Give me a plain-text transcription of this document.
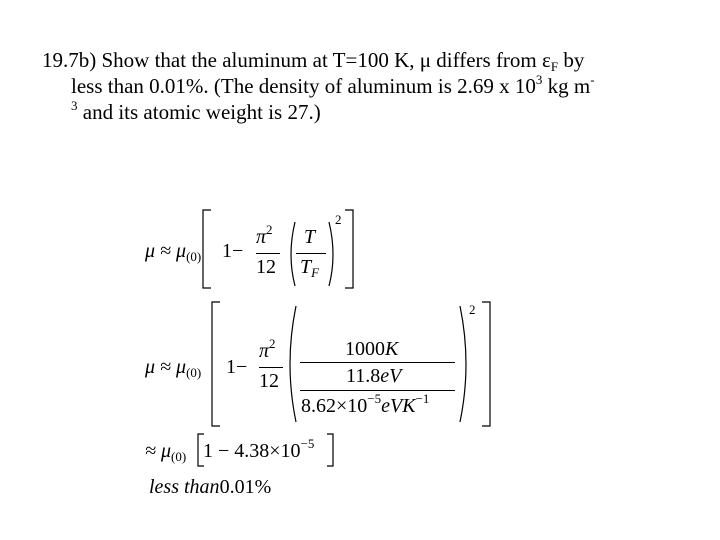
19.7b) Show that the aluminum at T=100 K, μ differs from $\varepsilon_F$ by
less than 0.01%. (The density of aluminum is 2.69 x $10^3$ kg m-
$^3$ and its atomic weight is 27.)
$\mu \approx \mu_{(0)}$ 1−
$\pi^2$
12
T
$T_F$
2
$\mu \approx \mu_{(0)}$ 1−
$\pi^2$
12
1000K
11.8eV
$8.62\times 10^{-5}eVK^{-1}$
2
≈ $\mu_{(0)}$ $1 - 4.38\times 10^{-5}$
less than0.01%
